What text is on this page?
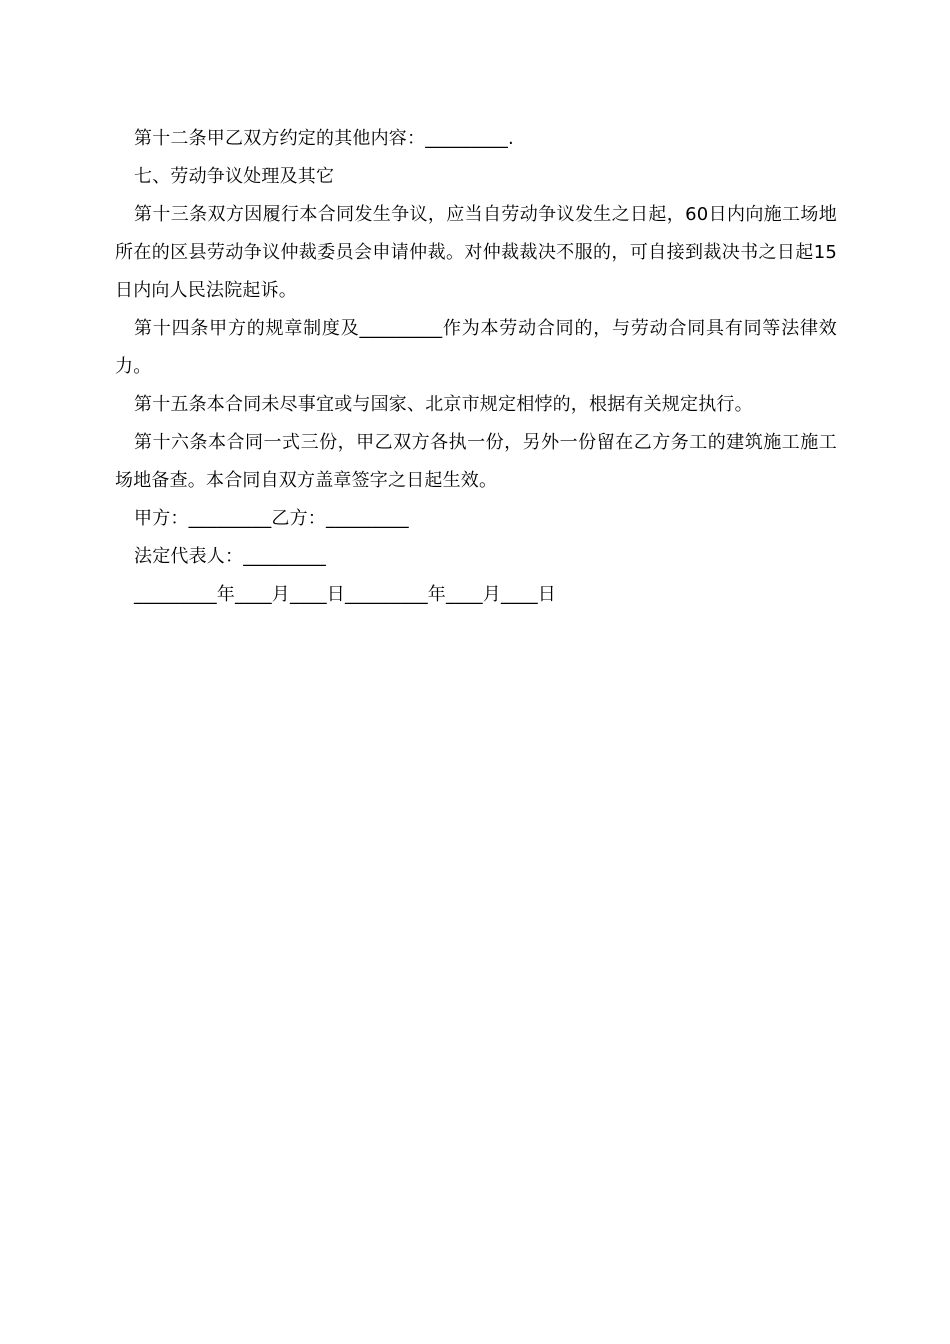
第十二条甲乙双方约定的其他内容：_________.

七、劳动争议处理及其它

第十三条双方因履行本合同发生争议，应当自劳动争议发生之日起，60日内向施工场地所在的区县劳动争议仲裁委员会申请仲裁。对仲裁裁决不服的，可自接到裁决书之日起15日内向人民法院起诉。

第十四条甲方的规章制度及_________作为本劳动合同的，与劳动合同具有同等法律效力。

第十五条本合同未尽事宜或与国家、北京市规定相悖的，根据有关规定执行。

第十六条本合同一式三份，甲乙双方各执一份，另外一份留在乙方务工的建筑施工施工场地备查。本合同自双方盖章签字之日起生效。

甲方：_________乙方：_________

法定代表人：_________

_________年____月____日_________年____月____日
